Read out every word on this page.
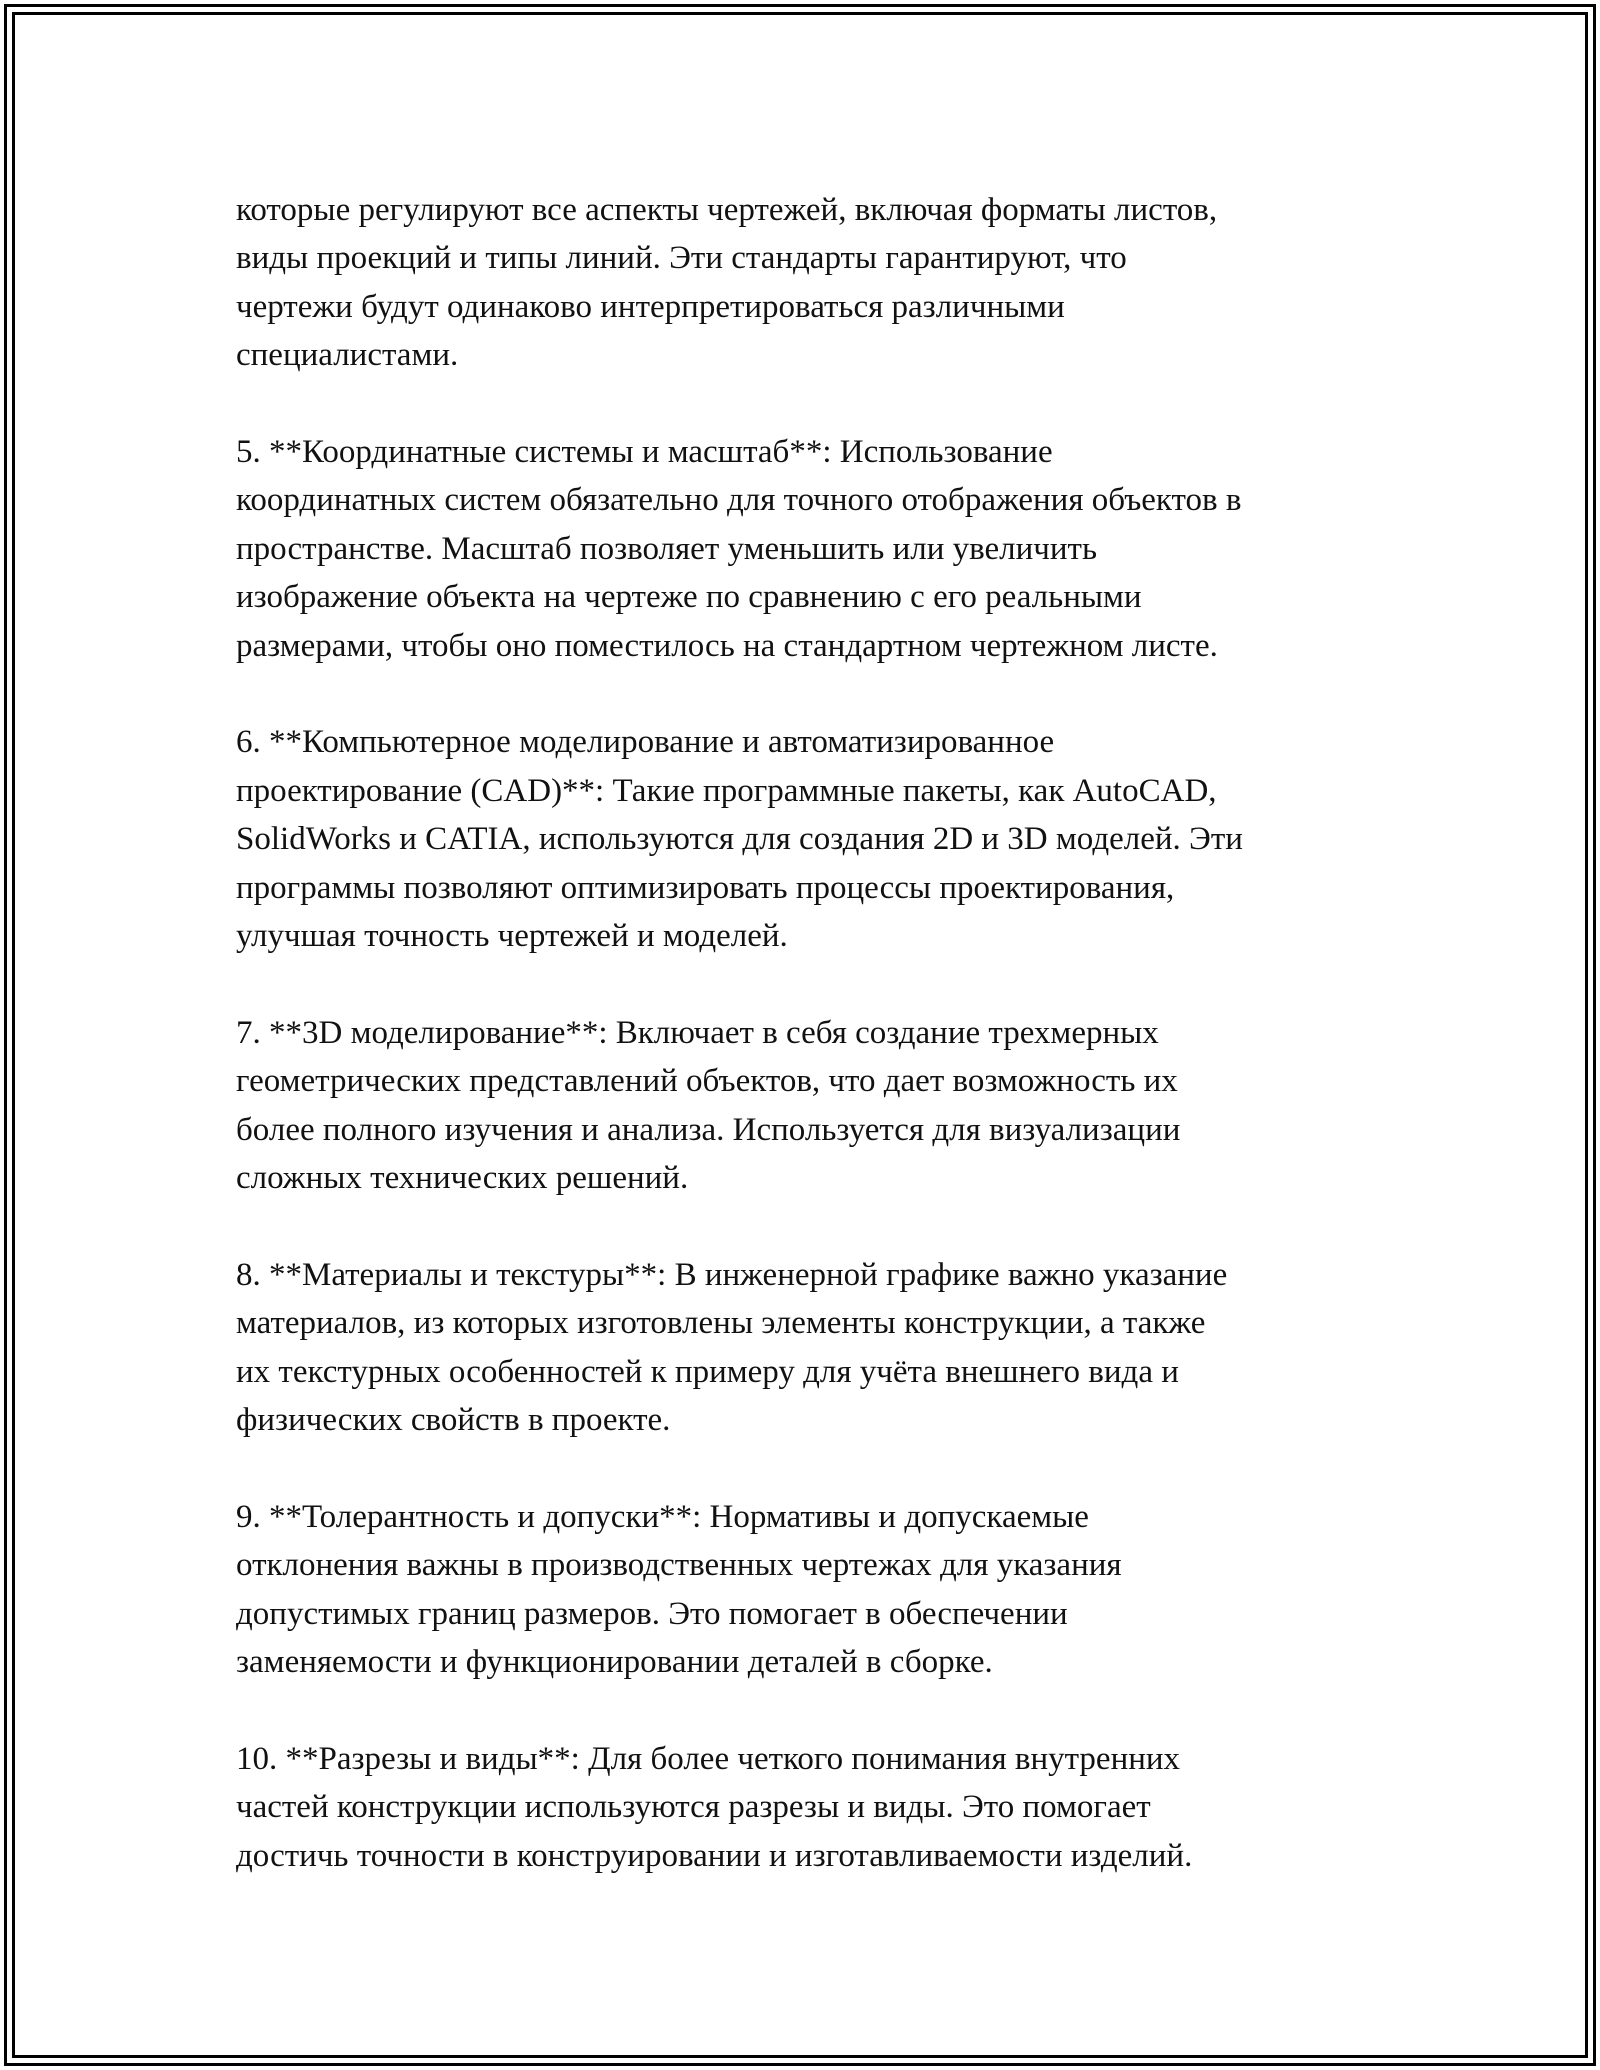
которые регулируют все аспекты чертежей, включая форматы листов,
виды проекций и типы линий. Эти стандарты гарантируют, что
чертежи будут одинаково интерпретироваться различными
специалистами.

5. **Координатные системы и масштаб**: Использование
координатных систем обязательно для точного отображения объектов в
пространстве. Масштаб позволяет уменьшить или увеличить
изображение объекта на чертеже по сравнению с его реальными
размерами, чтобы оно поместилось на стандартном чертежном листе.

6. **Компьютерное моделирование и автоматизированное
проектирование (CAD)**: Такие программные пакеты, как AutoCAD,
SolidWorks и CATIA, используются для создания 2D и 3D моделей. Эти
программы позволяют оптимизировать процессы проектирования,
улучшая точность чертежей и моделей.

7. **3D моделирование**: Включает в себя создание трехмерных
геометрических представлений объектов, что дает возможность их
более полного изучения и анализа. Используется для визуализации
сложных технических решений.

8. **Материалы и текстуры**: В инженерной графике важно указание
материалов, из которых изготовлены элементы конструкции, а также
их текстурных особенностей к примеру для учёта внешнего вида и
физических свойств в проекте.

9. **Толерантность и допуски**: Нормативы и допускаемые
отклонения важны в производственных чертежах для указания
допустимых границ размеров. Это помогает в обеспечении
заменяемости и функционировании деталей в сборке.

10. **Разрезы и виды**: Для более четкого понимания внутренних
частей конструкции используются разрезы и виды. Это помогает
достичь точности в конструировании и изготавливаемости изделий.
